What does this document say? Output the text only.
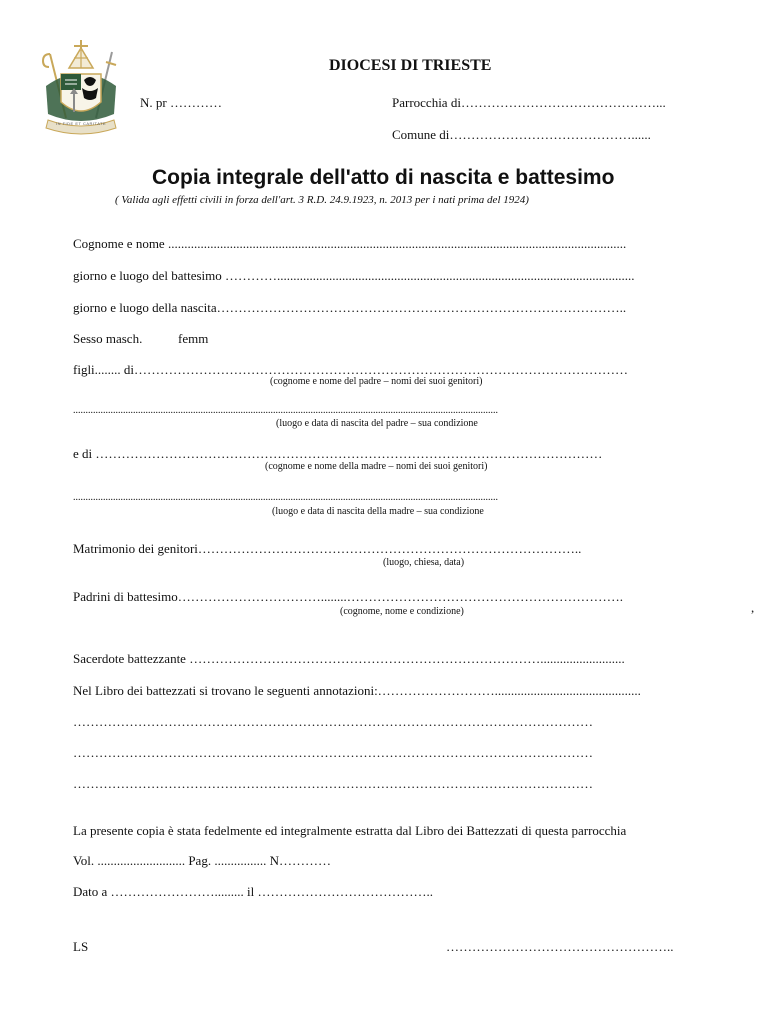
IN FIDE ET CARITATE
DIOCESI DI TRIESTE
N. pr …………	Parrocchia di………………………………………...
Comune di……………………………………......
Copia integrale dell'atto di nascita e battesimo
( Valida agli effetti civili in forza dell'art. 3 R.D. 24.9.1923, n. 2013 per i nati prima del 1924)
Cognome e nome .............................................................................................................................................
giorno e luogo del battesimo …………..............................................................................................................
giorno e luogo della nascita…………………………………………………………………………………..
Sesso masch.	femm
figli........ di……………………………………………………………………………………………………
(cognome e nome del padre – nomi dei suoi genitori)
..........................................................................................................................................................................
(luogo e data di nascita del padre – sua condizione
e di ………………………………………………………………………………………………………
(cognome e nome della madre – nomi dei suoi genitori)
..........................................................................................................................................................................
(luogo e data di nascita della madre – sua condizione
Matrimonio dei genitori……………………………………………………………………………..
(luogo, chiesa, data)
Padrini di battesimo……………………………........……………………………………………………….
(cognome, nome e condizione)	,
Sacerdote battezzante ………………………………………………………………………..........................
Nel Libro dei battezzati si trovano le seguenti annotazioni:……………………….............................................
…………………………………………………………………………………………………………
…………………………………………………………………………………………………………
…………………………………………………………………………………………………………
La presente copia è stata fedelmente ed integralmente estratta dal Libro dei Battezzati di questa parrocchia
Vol. ........................... Pag. ................ N…………
Dato a ……………………......... il …………………………………..
LS	……………………………………………..
